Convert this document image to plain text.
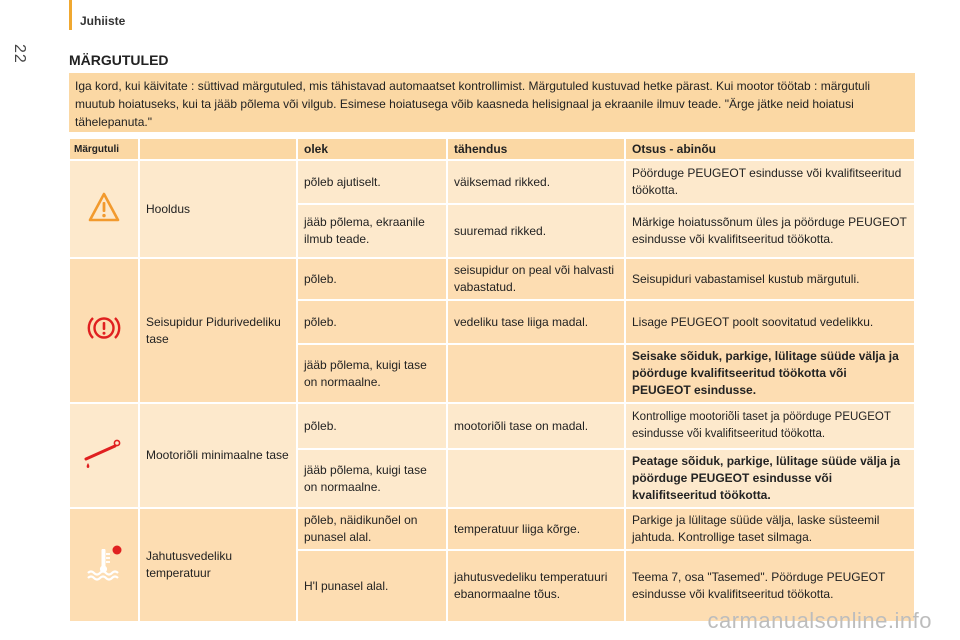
Juhiiste
22	MÄRGUTULED
Iga kord, kui käivitate : süttivad märgutuled, mis tähistavad automaatset kontrollimist. Märgutuled kustuvad hetke pärast. Kui mootor töötab : märgutuli muutub hoiatuseks, kui ta jääb põlema või vilgub. Esimese hoiatusega võib kaasneda helisignaal ja ekraanile ilmuv teade. "Ärge jätke neid hoiatusi tähelepanuta."
Märgutuli		olek	tähendus	Otsus - abinõu
	Hooldus	põleb ajutiselt.	väiksemad rikked.	Pöörduge PEUGEOT esindusse või kvalifitseeritud töökotta.
		jääb põlema, ekraanile ilmub teade.	suuremad rikked.	Märkige hoiatussõnum üles ja pöörduge PEUGEOT esindusse või kvalifitseeritud töökotta.
	Seisupidur Pidurivedeliku tase	põleb.	seisupidur on peal või halvasti vabastatud.	Seisupiduri vabastamisel kustub märgutuli.
		põleb.	vedeliku tase liiga madal.	Lisage PEUGEOT poolt soovitatud vedelikku.
		jääb põlema, kuigi tase on normaalne.		Seisake sõiduk, parkige, lülitage süüde välja ja pöörduge kvalifitseeritud töökotta või PEUGEOT esindusse.
	Mootoriõli minimaalne tase	põleb.	mootoriõli tase on madal.	Kontrollige mootoriõli taset ja pöörduge PEUGEOT esindusse või kvalifitseeritud töökotta.
		jääb põlema, kuigi tase on normaalne.		Peatage sõiduk, parkige, lülitage süüde välja ja pöörduge PEUGEOT esindusse või kvalifitseeritud töökotta.
	Jahutusvedeliku temperatuur	põleb, näidikunõel on punasel alal.	temperatuur liiga kõrge.	Parkige ja lülitage süüde välja, laske süsteemil jahtuda. Kontrollige taset silmaga.
		H'l punasel alal.	jahutusvedeliku temperatuuri ebanormaalne tõus.	Teema 7, osa "Tasemed". Pöörduge PEUGEOT esindusse või kvalifitseeritud töökotta.
carmanualsonline.info
